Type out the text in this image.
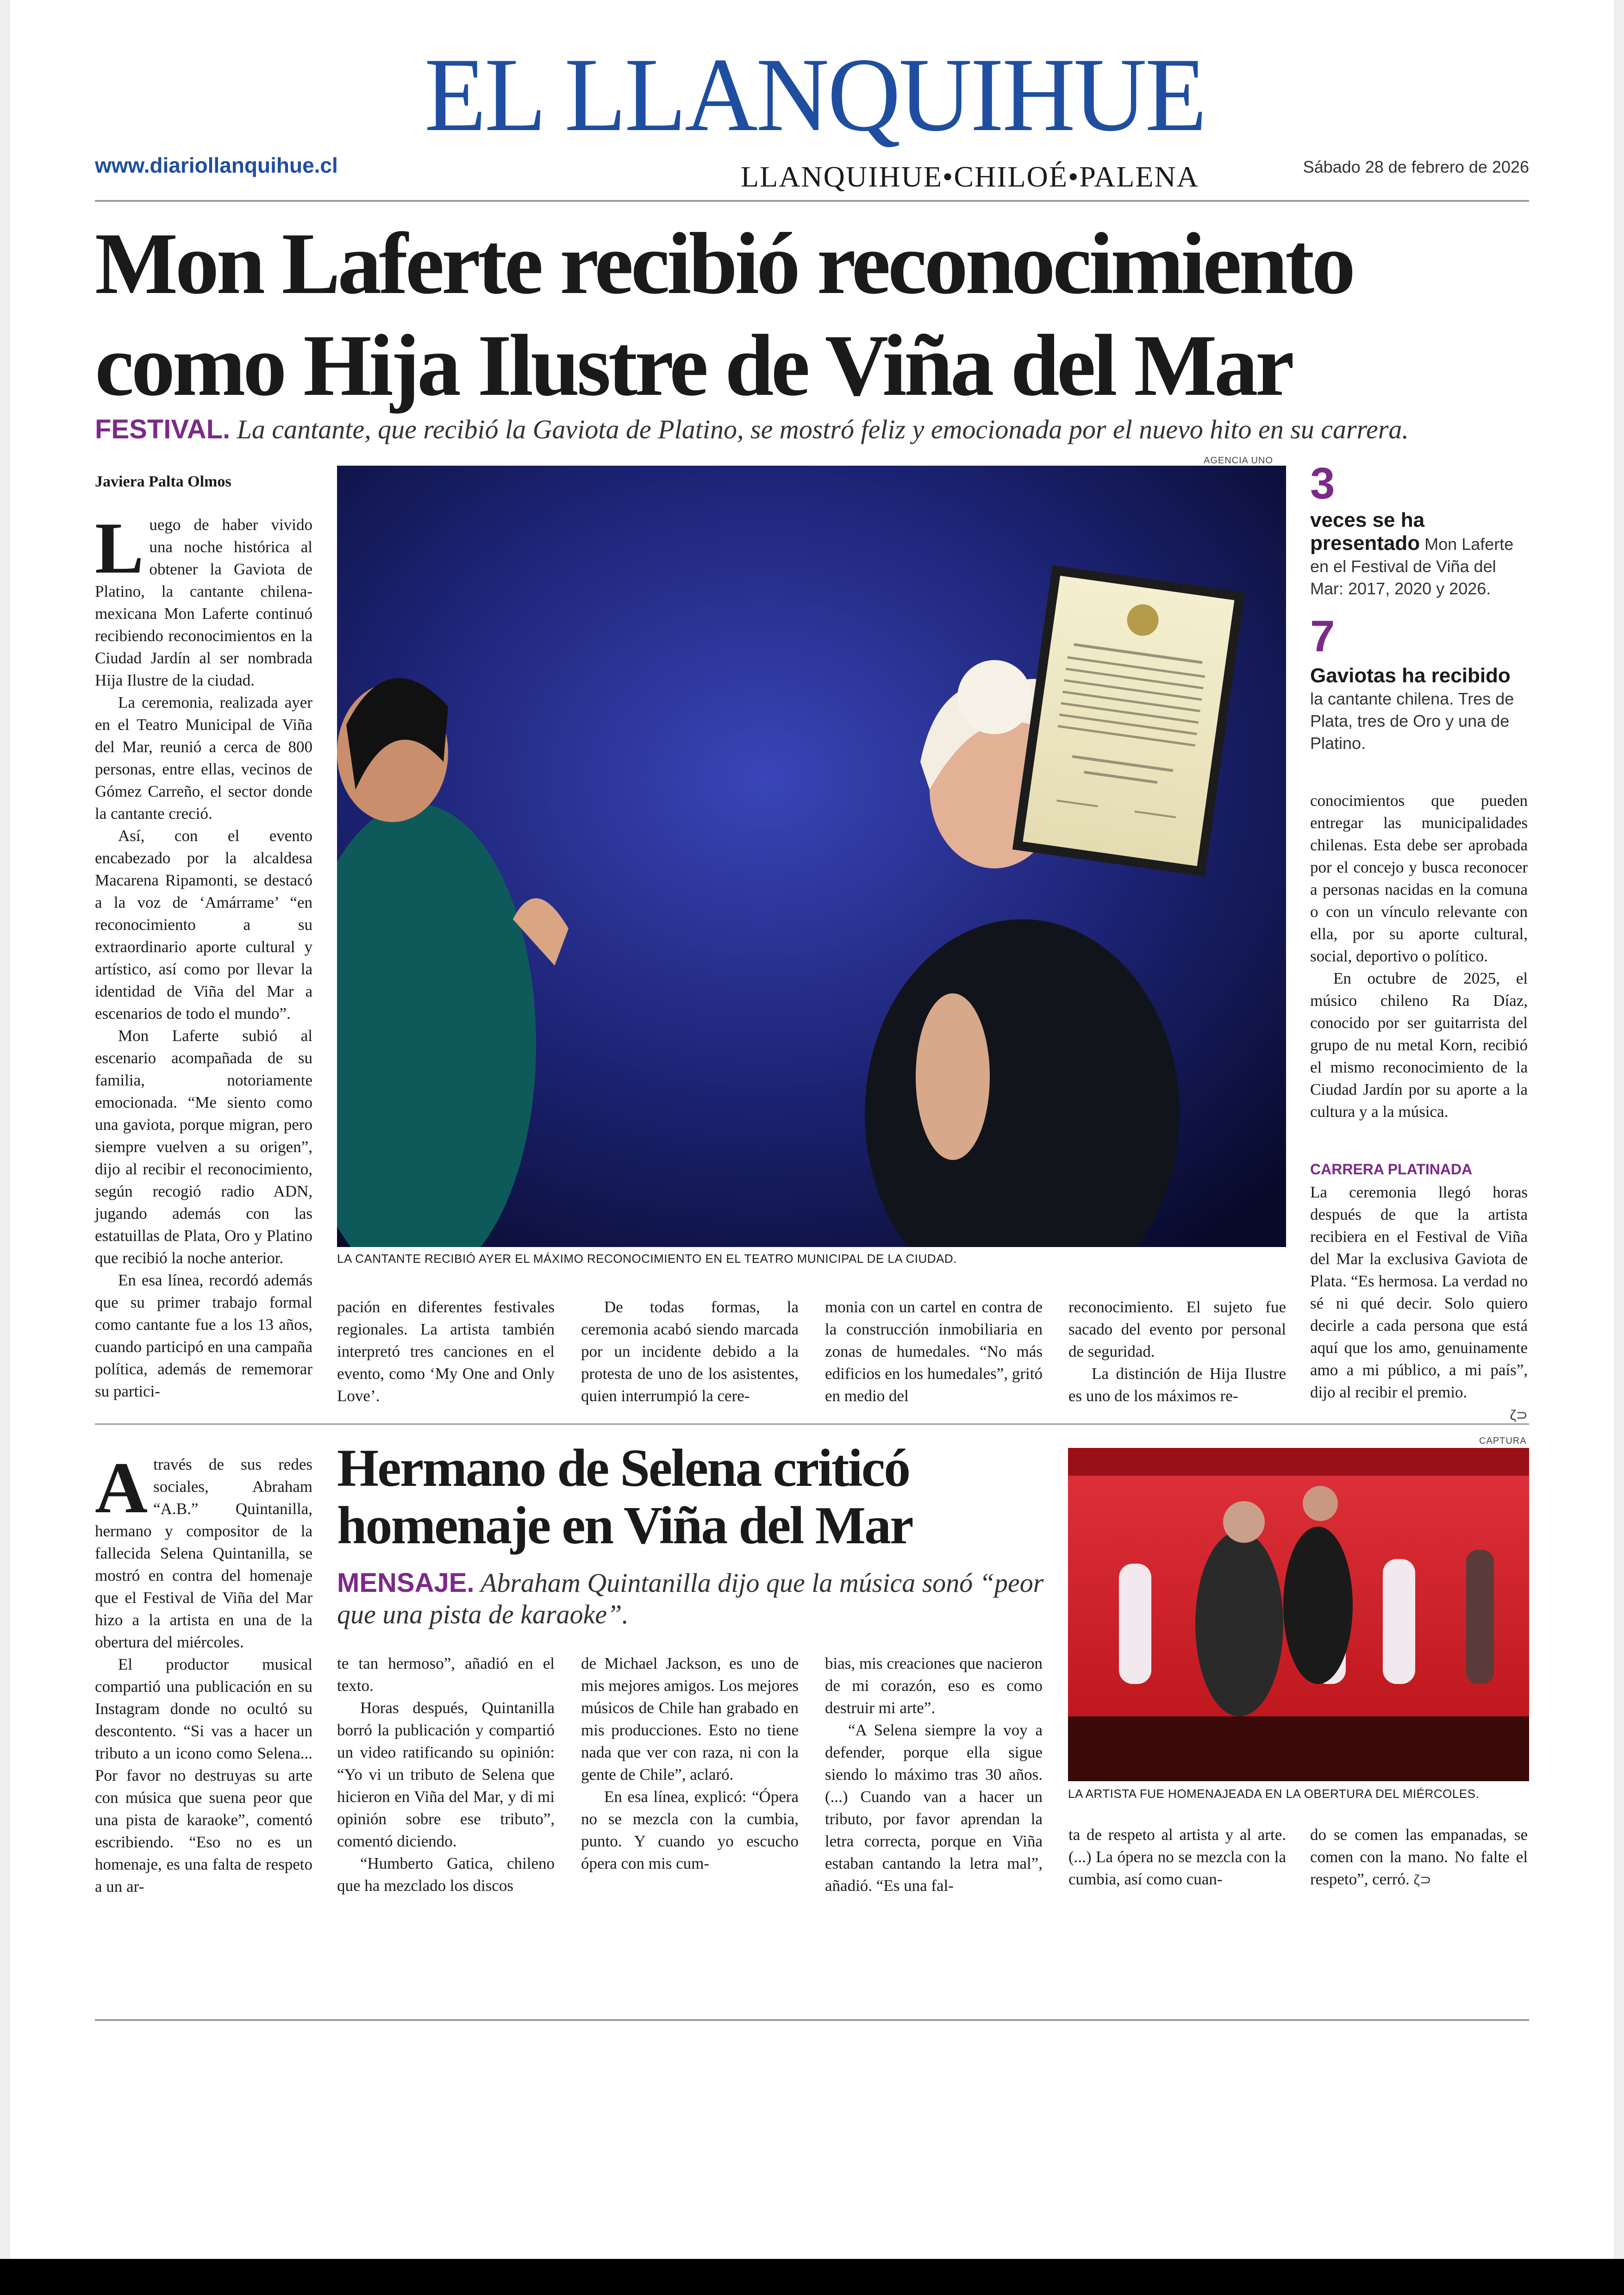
EL LLANQUIHUE
www.diariollanquihue.cl	LLANQUIHUE•CHILOÉ•PALENA	Sábado 28 de febrero de 2026
Mon Laferte recibió reconocimiento
como Hija Ilustre de Viña del Mar
FESTIVAL. La cantante, que recibió la Gaviota de Platino, se mostró feliz y emocionada por el nuevo hito en su carrera.
Javiera Palta Olmos
AGENCIA UNO

Luego de haber vivido una noche histórica al obtener la Gaviota de Platino, la cantante chilena-mexicana Mon Laferte continuó recibiendo reconocimientos en la Ciudad Jardín al ser nombrada Hija Ilustre de la ciudad.

La ceremonia, realizada ayer en el Teatro Municipal de Viña del Mar, reunió a cerca de 800 personas, entre ellas, vecinos de Gómez Carreño, el sector donde la cantante creció.

Así, con el evento encabezado por la alcaldesa Macarena Ripamonti, se destacó a la voz de ‘Amárrame’ “en reconocimiento a su extraordinario aporte cultural y artístico, así como por llevar la identidad de Viña del Mar a escenarios de todo el mundo”.

Mon Laferte subió al escenario acompañada de su familia, notoriamente emocionada. “Me siento como una gaviota, porque migran, pero siempre vuelven a su origen”, dijo al recibir el reconocimiento, según recogió radio ADN, jugando además con las estatuillas de Plata, Oro y Platino que recibió la noche anterior.

En esa línea, recordó además que su primer trabajo formal como cantante fue a los 13 años, cuando participó en una campaña política, además de rememorar su partici-

LA CANTANTE RECIBIÓ AYER EL MÁXIMO RECONOCIMIENTO EN EL TEATRO MUNICIPAL DE LA CIUDAD.
3
veces se ha presentado Mon Laferte en el Festival de Viña del Mar: 2017, 2020 y 2026.
7
Gaviotas ha recibido
la cantante chilena. Tres de Plata, tres de Oro y una de Platino.

conocimientos que pueden entregar las municipalidades chilenas. Esta debe ser aprobada por el concejo y busca reconocer a personas nacidas en la comuna o con un vínculo relevante con ella, por su aporte cultural, social, deportivo o político.

En octubre de 2025, el músico chileno Ra Díaz, conocido por ser guitarrista del grupo de nu metal Korn, recibió el mismo reconocimiento de la Ciudad Jardín por su aporte a la cultura y a la música.

CARRERA PLATINADA

La ceremonia llegó horas después de que la artista recibiera en el Festival de Viña del Mar la exclusiva Gaviota de Plata. “Es hermosa. La verdad no sé ni qué decir. Solo quiero decirle a cada persona que está aquí que los amo, genuinamente amo a mi público, a mi país”, dijo al recibir el premio.

ζ⊃

pación en diferentes festivales regionales. La artista también interpretó tres canciones en el evento, como ‘My One and Only Love’.

De todas formas, la ceremonia acabó siendo marcada por un incidente debido a la protesta de uno de los asistentes, quien interrumpió la cere-

monia con un cartel en contra de la construcción inmobiliaria en zonas de humedales. “No más edificios en los humedales”, gritó en medio del

reconocimiento. El sujeto fue sacado del evento por personal de seguridad.

La distinción de Hija Ilustre es uno de los máximos re-

A través de sus redes sociales, Abraham “A.B.” Quintanilla, hermano y compositor de la fallecida Selena Quintanilla, se mostró en contra del homenaje que el Festival de Viña del Mar hizo a la artista en una de la obertura del miércoles.

El productor musical compartió una publicación en su Instagram donde no ocultó su descontento. “Si vas a hacer un tributo a un icono como Selena... Por favor no destruyas su arte con música que suena peor que una pista de karaoke”, comentó escribiendo. “Eso no es un homenaje, es una falta de respeto a un ar-

Hermano de Selena criticó
homenaje en Viña del Mar
MENSAJE. Abraham Quintanilla dijo que la música sonó “peor que una pista de karaoke”.

te tan hermoso”, añadió en el texto.

Horas después, Quintanilla borró la publicación y compartió un video ratificando su opinión: “Yo vi un tributo de Selena que hicieron en Viña del Mar, y di mi opinión sobre ese tributo”, comentó diciendo.

“Humberto Gatica, chileno que ha mezclado los discos

de Michael Jackson, es uno de mis mejores amigos. Los mejores músicos de Chile han grabado en mis producciones. Esto no tiene nada que ver con raza, ni con la gente de Chile”, aclaró.

En esa línea, explicó: “Ópera no se mezcla con la cumbia, punto. Y cuando yo escucho ópera con mis cum-

bias, mis creaciones que nacieron de mi corazón, eso es como destruir mi arte”.

“A Selena siempre la voy a defender, porque ella sigue siendo lo máximo tras 30 años. (...) Cuando van a hacer un tributo, por favor aprendan la letra correcta, porque en Viña estaban cantando la letra mal”, añadió. “Es una fal-

CAPTURA
LA ARTISTA FUE HOMENAJEADA EN LA OBERTURA DEL MIÉRCOLES.

ta de respeto al artista y al arte. (...) La ópera no se mezcla con la cumbia, así como cuan-

do se comen las empanadas, se comen con la mano. No falte el respeto”, cerró. ζ⊃
